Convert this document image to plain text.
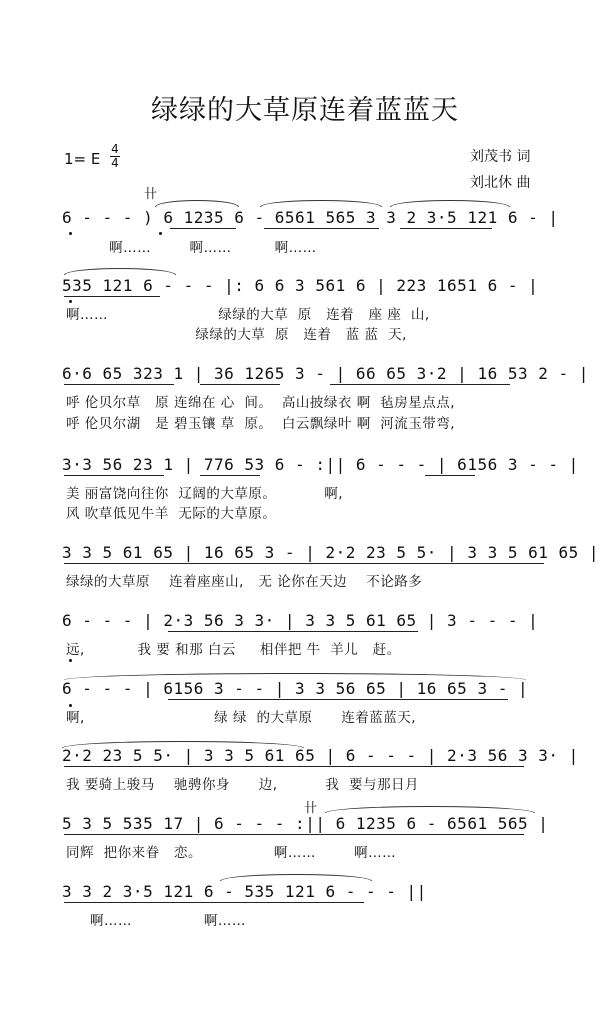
绿绿的大草原连着蓝蓝天
1= E
4
4	刘茂书 词
刘北休 曲
卄
6 - - - ) 6 1235 6 - 6561 565 3 3 2 3·5 121 6 - |
啊……        啊……         啊……
535 121 6 - - - |: 6 6 3 561 6 | 223 1651 6 - |
啊……                       绿绿的大草  原   连着   座 座  山,
绿绿的大草  原   连着   蓝 蓝  天,
6·6 65 323 1 | 36 1265 3 - | 66 65 3·2 | 16 53 2 - |
呼 伦贝尔草   原 连绵在 心  间。  高山披绿衣 啊  毡房星点点,
呼 伦贝尔湖   是 碧玉镶 草  原。  白云飘绿叶 啊  河流玉带弯,
3·3 56 23 1 | 776 53 6 - :|| 6 - - - | 6156 3 - - |
美 丽富饶向往你  辽阔的大草原。          啊,
风 吹草低见牛羊  无际的大草原。
3 3 5 61 65 | 16 65 3 - | 2·2 23 5 5· | 3 3 5 61 65 |
绿绿的大草原    连着座座山,   无 论你在天边    不论路多
6 - - - | 2·3 56 3 3· | 3 3 5 61 65 | 3 - - - |
远,           我 要 和那 白云     相伴把 牛  羊儿   赶。
6 - - - | 6156 3 - - | 3 3 56 65 | 16 65 3 - |
啊,                           绿 绿  的大草原      连着蓝蓝天,
2·2 23 5 5· | 3 3 5 61 65 | 6 - - - | 2·3 56 3 3· |
我 要骑上骏马    驰骋你身      边,          我  要与那日月
卄
5 3 5 535 17 | 6 - - - :|| 6 1235 6 - 6561 565 |
同辉  把你来眷   恋。               啊……        啊……
3 3 2 3·5 121 6 - 535 121 6 - - - ||
啊……               啊……
